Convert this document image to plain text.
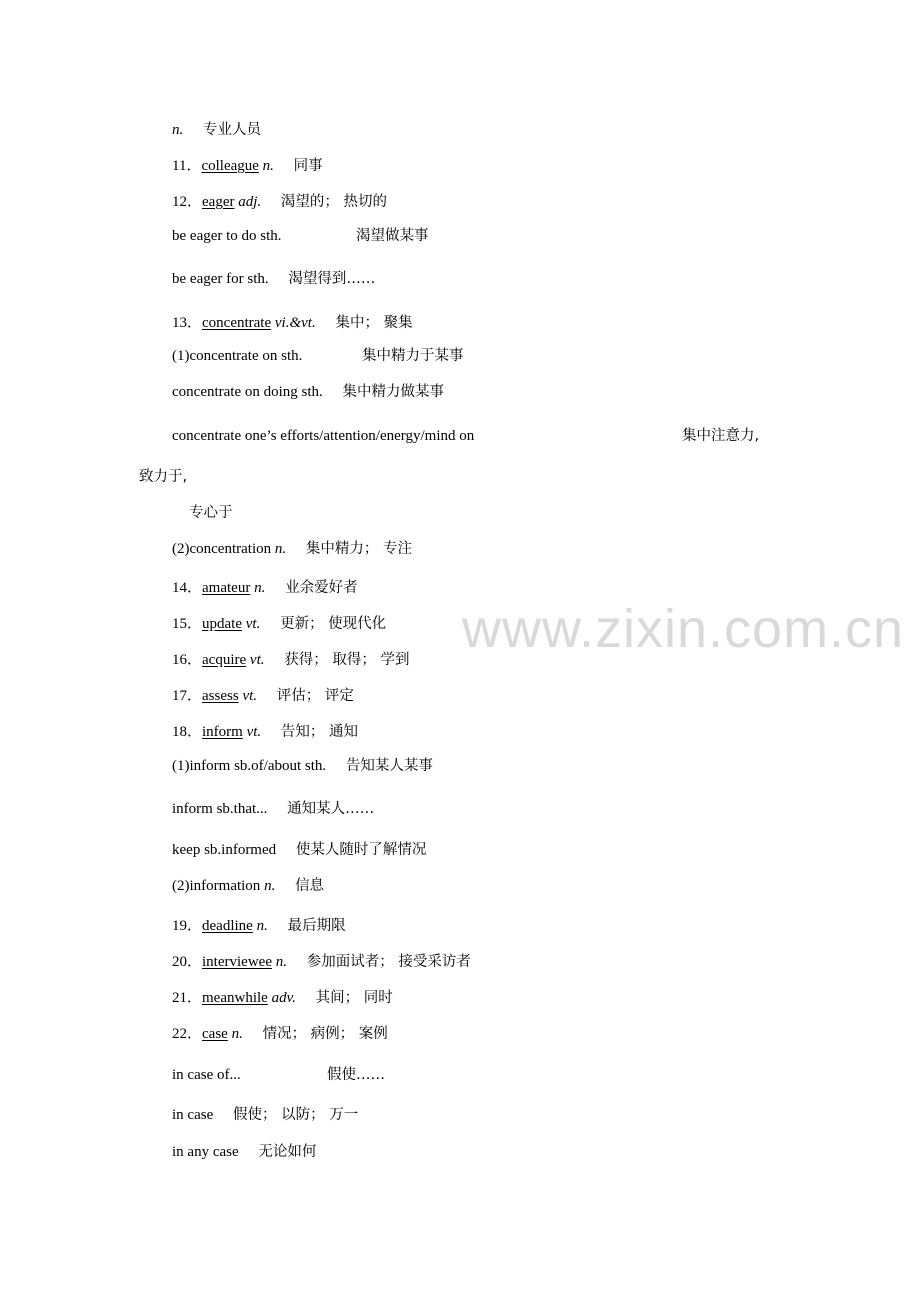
n. 专业人员
11．colleague n. 同事
12．eager adj. 渴望的； 热切的
be eager to do sth.	渴望做某事
be eager for sth. 渴望得到……
13．concentrate vi.&vt. 集中； 聚集
(1)concentrate on sth.	集中精力于某事
concentrate on doing sth. 集中精力做某事
concentrate one’s efforts/attention/energy/mind on	集中注意力,
致力于,
专心于
(2)concentration n. 集中精力； 专注
14．amateur n. 业余爱好者
15．update vt. 更新； 使现代化
16．acquire vt. 获得； 取得； 学到
17．assess vt. 评估； 评定
18．inform vt. 告知； 通知
(1)inform sb.of/about sth. 告知某人某事
inform sb.that... 通知某人……
keep sb.informed 使某人随时了解情况
(2)information n. 信息
19．deadline n. 最后期限
20．interviewee n. 参加面试者； 接受采访者
21．meanwhile adv. 其间； 同时
22．case n. 情况； 病例； 案例
in case of...	假使……
in case 假使； 以防； 万一
in any case 无论如何
www.zixin.com.cn
